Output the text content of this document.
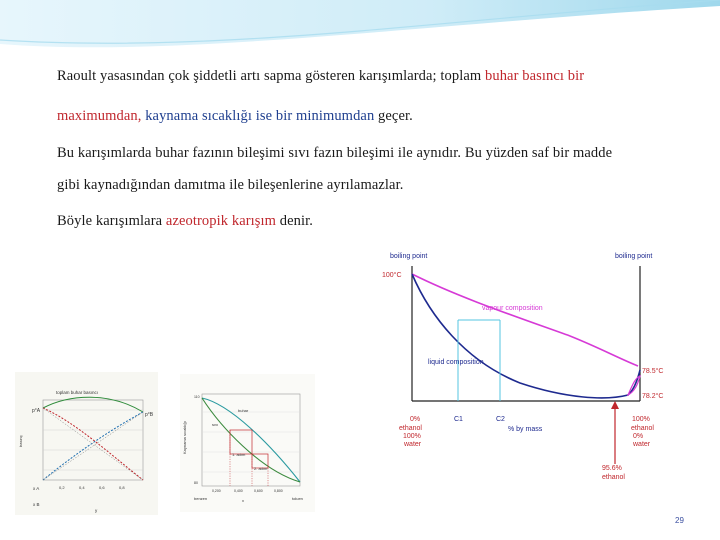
Raoult yasasından çok şiddetli artı sapma gösteren karışımlarda; toplam buhar basıncı bir
maximumdan, kaynama sıcaklığı ise bir minimumdan geçer.
Bu karışımlarda buhar fazının bileşimi sıvı fazın bileşimi ile aynıdır. Bu yüzden saf bir madde
gibi kaynadığından damıtma ile bileşenlerine ayrılamazlar.
Böyle karışımlara azeotropik karışım denir.
toplam buhar basıncı
p°A
p°B
basınç
0,2	0,4	0,6	0,8
x A
x B
y
buhar
sıvı
1. adım
2. adım
Kaynama sıcaklığı
110
80
0,200	0,400	0,600	0,800
benzen	toluen
x
boiling point	boiling point
100°C
78.5°C
78.2°C
vapour composition
liquid composition
C1	C2
% by mass
0%
ethanol
100%
water
100%
ethanol
0%
water
95.6%
ethanol
29
